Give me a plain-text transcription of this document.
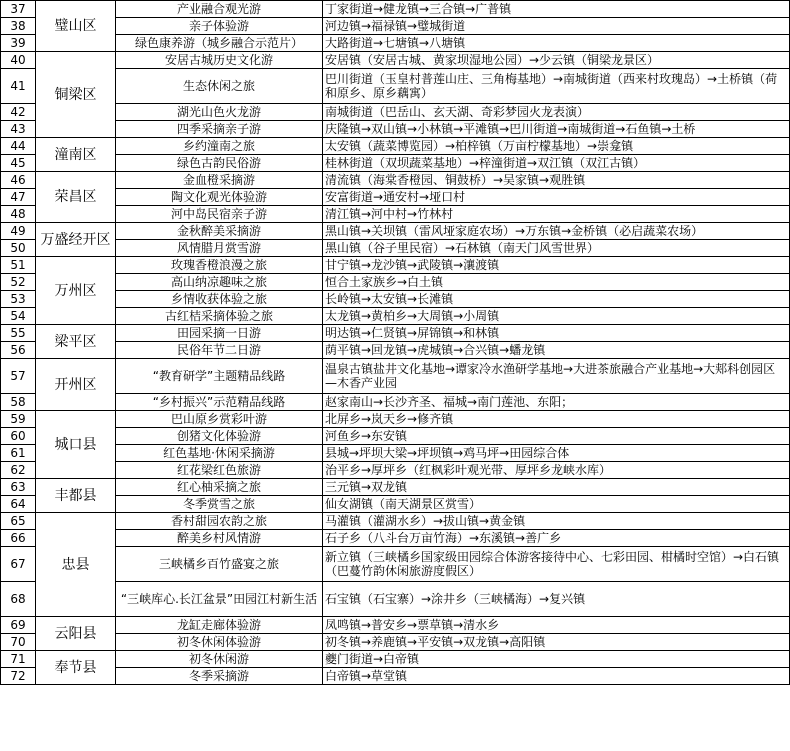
37	璧山区	产业融合观光游	丁家街道→健龙镇→三合镇→广普镇
38		亲子体验游	河边镇→福禄镇→璧城街道
39		绿色康养游（城乡融合示范片）	大路街道→七塘镇→八塘镇
40	铜梁区	安居古城历史文化游	安居镇（安居古城、黄家坝湿地公园）→少云镇（铜梁龙景区）
41		生态休闲之旅	巴川街道（玉皇村普莲山庄、三角梅基地）→南城街道（西来村玫瑰岛）→土桥镇（荷和原乡、原乡藕寓）
42		湖光山色火龙游	南城街道（巴岳山、玄天湖、奇彩梦园火龙表演）
43		四季采摘亲子游	庆隆镇→双山镇→小林镇→平滩镇→巴川街道→南城街道→石鱼镇→土桥
44	潼南区	乡约潼南之旅	太安镇（蔬菜博览园）→柏梓镇（万亩柠檬基地）→崇龛镇
45		绿色古韵民俗游	桂林街道（双坝蔬菜基地）→梓潼街道→双江镇（双江古镇）
46	荣昌区	金血橙采摘游	清流镇（海棠香橙园、铜鼓桥）→吴家镇→观胜镇
47		陶文化观光体验游	安富街道→通安村→垭口村
48		河中岛民宿亲子游	清江镇→河中村→竹林村
49	万盛经开区	金秋醉美采摘游	黑山镇→关坝镇（雷风垭家庭农场）→万东镇→金桥镇（必启蔬菜农场）
50		风情腊月赏雪游	黑山镇（谷子里民宿）→石林镇（南天门风雪世界）
51	万州区	玫瑰香橙浪漫之旅	甘宁镇→龙沙镇→武陵镇→瀼渡镇
52		高山纳凉趣味之旅	恒合土家族乡→白土镇
53		乡情收获体验之旅	长岭镇→太安镇→长滩镇
54		古红桔采摘体验之旅	太龙镇→黄柏乡→大周镇→小周镇
55	梁平区	田园采摘一日游	明达镇→仁贤镇→屏锦镇→和林镇
56		民俗年节二日游	荫平镇→回龙镇→虎城镇→合兴镇→蟠龙镇
57	开州区	“教育研学”主题精品线路	温泉古镇盐井文化基地→谭家冷水渔研学基地→大进茶旅融合产业基地→大郏科创园区—木香产业园
58		“乡村振兴”示范精品线路	赵家南山→长沙齐圣、福城→南门莲池、东阳；
59	城口县	巴山原乡赏彩叶游	北屏乡→岚天乡→修齐镇
60		创猪文化体验游	河鱼乡→东安镇
61		红色基地·休闲采摘游	县城→坪坝大梁→坪坝镇→鸡马坪→田园综合体
62		红花梁红色旅游	治平乡→厚坪乡（红枫彩叶观光带、厚坪乡龙峡水库）
63	丰都县	红心柚采摘之旅	三元镇→双龙镇
64		冬季赏雪之旅	仙女湖镇（南天湖景区赏雪）
65	忠县	香村甜园农韵之旅	马灌镇（灌湖水乡）→拔山镇→黄金镇
66		醉美乡村风情游	石子乡（八斗台万亩竹海）→东溪镇→善广乡
67		三峡橘乡百竹盛宴之旅	新立镇（三峡橘乡国家级田园综合体游客接待中心、七彩田园、柑橘时空馆）→白石镇（巴蔓竹韵休闲旅游度假区）
68		“三峡库心.长江盆景”田园江村新生活	石宝镇（石宝寨）→涂井乡（三峡橘海）→复兴镇
69	云阳县	龙缸走廊体验游	凤鸣镇→普安乡→票草镇→清水乡
70		初冬休闲体验游	初冬镇→养鹿镇→平安镇→双龙镇→高阳镇
71	奉节县	初冬休闲游	夔门街道→白帝镇
72		冬季采摘游	白帝镇→草堂镇
